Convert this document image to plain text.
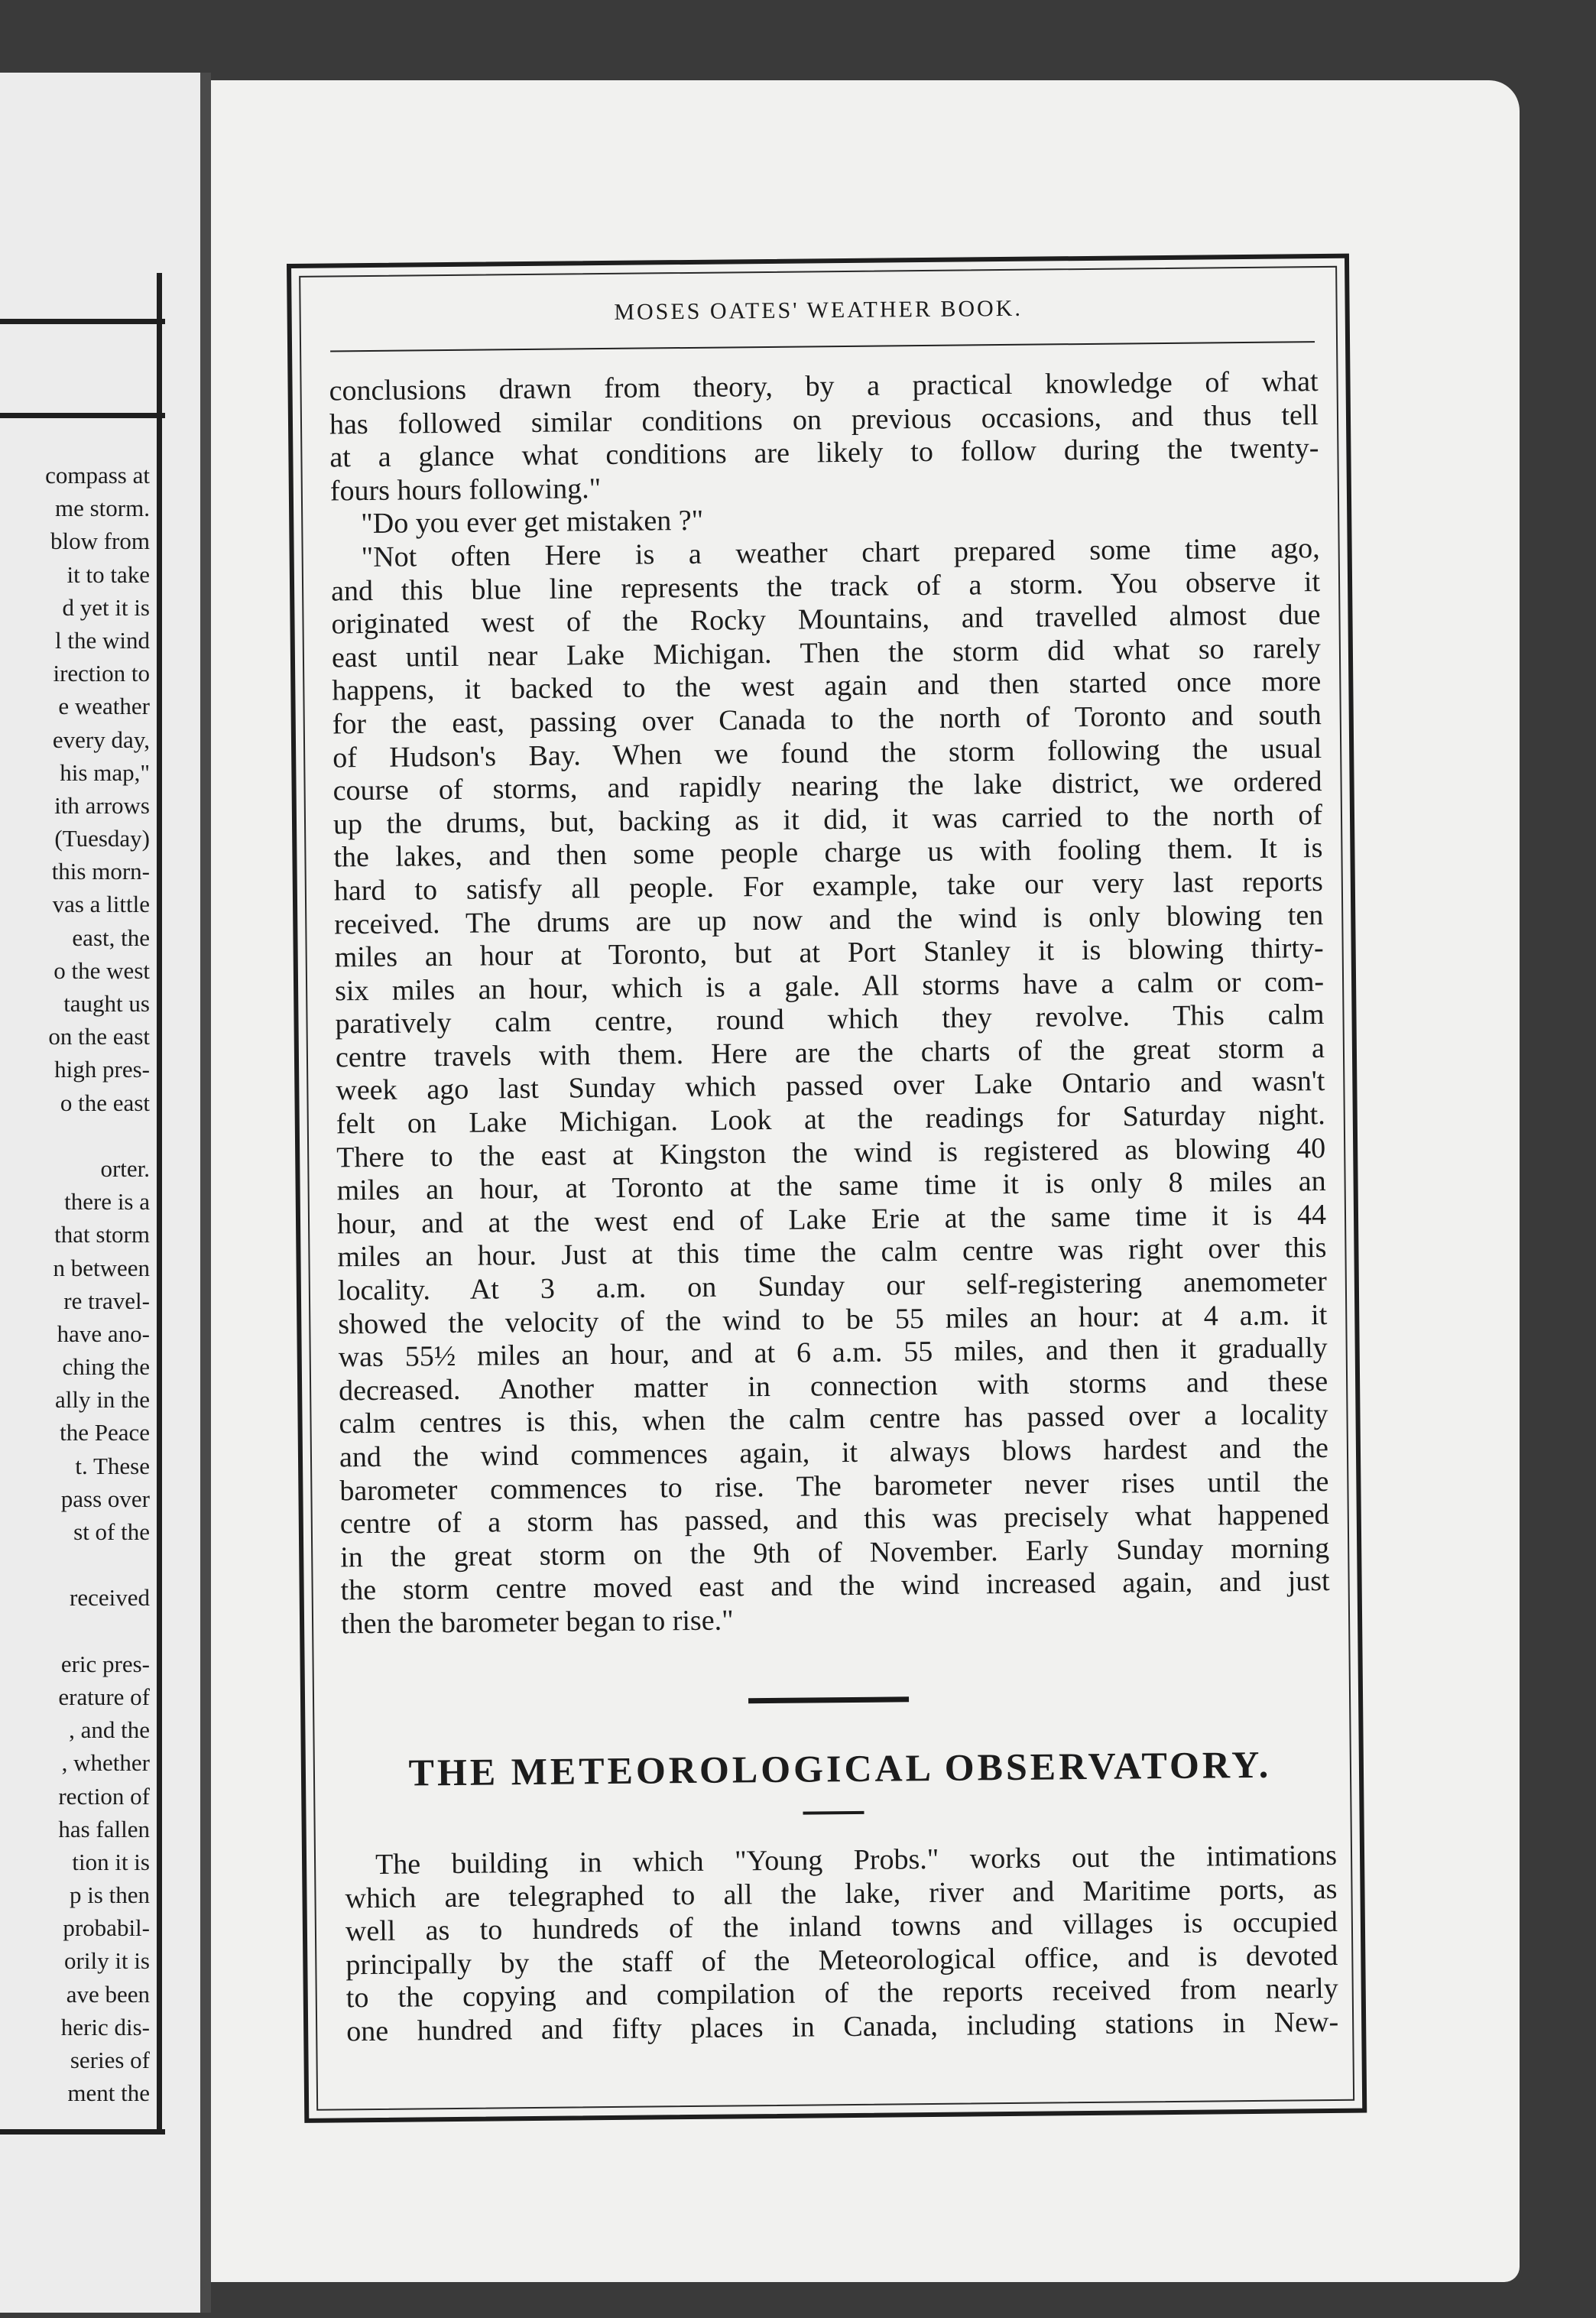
compass at
me storm.
blow from
it to take
d yet it is
l the wind
irection to
e weather
every day,
his map,"
ith arrows
(Tuesday)
this morn-
vas a little
east, the
o the west
taught us
on the east
high pres-
o the east
orter.
there is a
that storm
n between
re travel-
have ano-
ching the
ally in the
the Peace
t. These
pass over
st of the
received
eric pres-
erature of
, and the
, whether
rection of
has fallen
tion it is
p is then
probabil-
orily it is
ave been
heric dis-
series of
ment the
MOSES OATES' WEATHER BOOK.
conclusions drawn from theory, by a practical knowledge of what
has followed similar conditions on previous occasions, and thus tell
at a glance what conditions are likely to follow during the twenty-
fours hours following."
"Do you ever get mistaken ?"
"Not often Here is a weather chart prepared some time ago,
and this blue line represents the track of a storm. You observe it
originated west of the Rocky Mountains, and travelled almost due
east until near Lake Michigan. Then the storm did what so rarely
happens, it backed to the west again and then started once more
for the east, passing over Canada to the north of Toronto and south
of Hudson's Bay. When we found the storm following the usual
course of storms, and rapidly nearing the lake district, we ordered
up the drums, but, backing as it did, it was carried to the north of
the lakes, and then some people charge us with fooling them. It is
hard to satisfy all people. For example, take our very last reports
received. The drums are up now and the wind is only blowing ten
miles an hour at Toronto, but at Port Stanley it is blowing thirty-
six miles an hour, which is a gale. All storms have a calm or com-
paratively calm centre, round which they revolve. This calm
centre travels with them. Here are the charts of the great storm a
week ago last Sunday which passed over Lake Ontario and wasn't
felt on Lake Michigan. Look at the readings for Saturday night.
There to the east at Kingston the wind is registered as blowing 40
miles an hour, at Toronto at the same time it is only 8 miles an
hour, and at the west end of Lake Erie at the same time it is 44
miles an hour. Just at this time the calm centre was right over this
locality. At 3 a.m. on Sunday our self-registering anemometer
showed the velocity of the wind to be 55 miles an hour: at 4 a.m. it
was 55½ miles an hour, and at 6 a.m. 55 miles, and then it gradually
decreased. Another matter in connection with storms and these
calm centres is this, when the calm centre has passed over a locality
and the wind commences again, it always blows hardest and the
barometer commences to rise. The barometer never rises until the
centre of a storm has passed, and this was precisely what happened
in the great storm on the 9th of November. Early Sunday morning
the storm centre moved east and the wind increased again, and just
then the barometer began to rise."
THE METEOROLOGICAL OBSERVATORY.
The building in which "Young Probs." works out the intimations
which are telegraphed to all the lake, river and Maritime ports, as
well as to hundreds of the inland towns and villages is occupied
principally by the staff of the Meteorological office, and is devoted
to the copying and compilation of the reports received from nearly
one hundred and fifty places in Canada, including stations in New-
